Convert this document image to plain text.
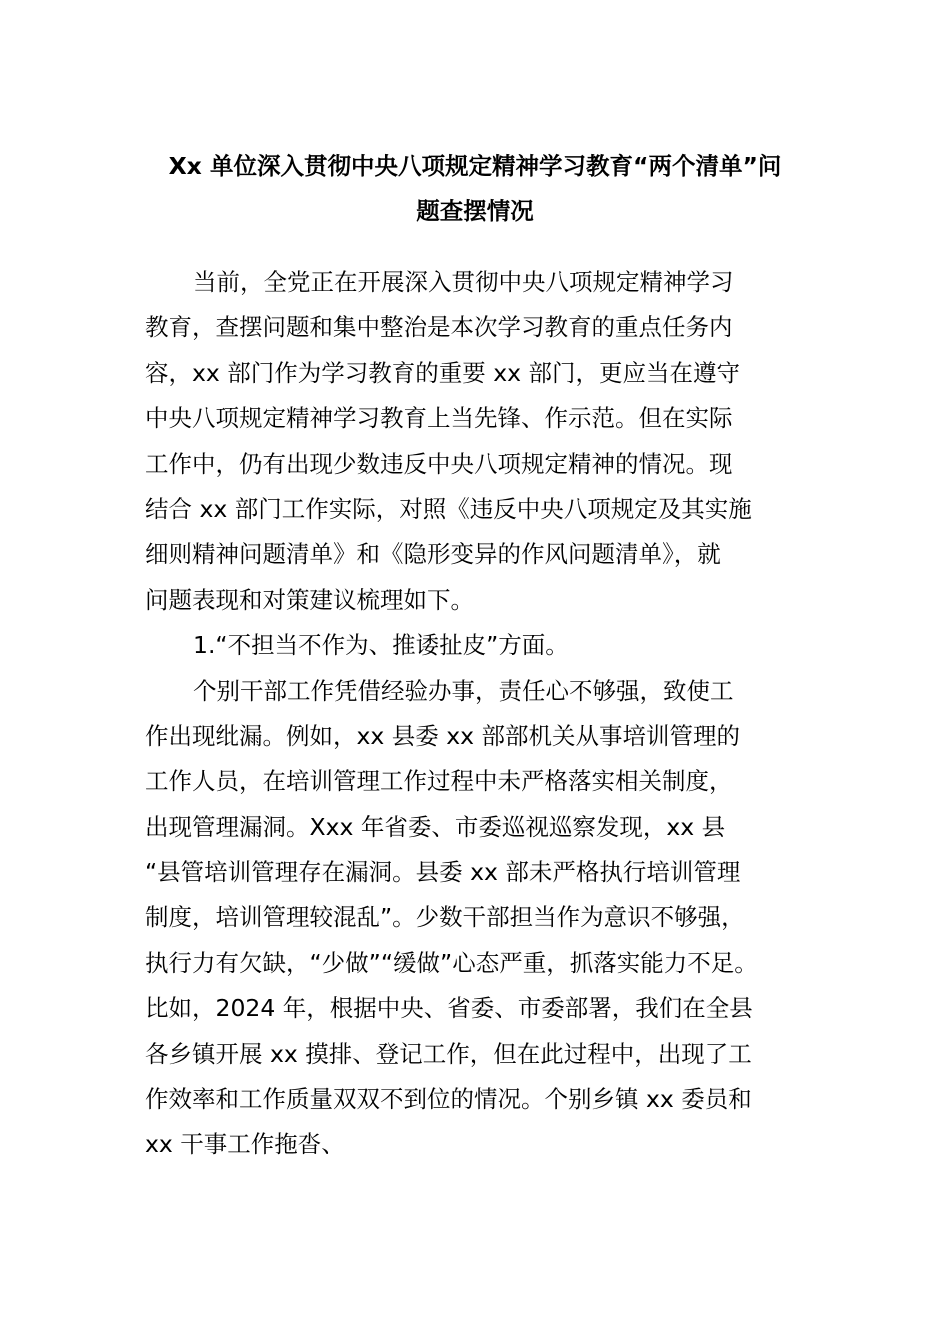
Xx 单位深入贯彻中央八项规定精神学习教育“两个清单”问
题查摆情况
当前，全党正在开展深入贯彻中央八项规定精神学习
教育，查摆问题和集中整治是本次学习教育的重点任务内
容，xx 部门作为学习教育的重要 xx 部门，更应当在遵守
中央八项规定精神学习教育上当先锋、作示范。但在实际
工作中，仍有出现少数违反中央八项规定精神的情况。现
结合 xx 部门工作实际，对照《违反中央八项规定及其实施
细则精神问题清单》和《隐形变异的作风问题清单》，就
问题表现和对策建议梳理如下。
1.“不担当不作为、推诿扯皮”方面。
个别干部工作凭借经验办事，责任心不够强，致使工
作出现纰漏。例如，xx 县委 xx 部部机关从事培训管理的
工作人员，在培训管理工作过程中未严格落实相关制度，
出现管理漏洞。Xxx 年省委、市委巡视巡察发现，xx 县
“县管培训管理存在漏洞。县委 xx 部未严格执行培训管理
制度，培训管理较混乱”。少数干部担当作为意识不够强，
执行力有欠缺，“少做”“缓做”心态严重，抓落实能力不足。
比如，2024 年，根据中央、省委、市委部署，我们在全县
各乡镇开展 xx 摸排、登记工作，但在此过程中，出现了工
作效率和工作质量双双不到位的情况。个别乡镇 xx 委员和
xx 干事工作拖沓、
